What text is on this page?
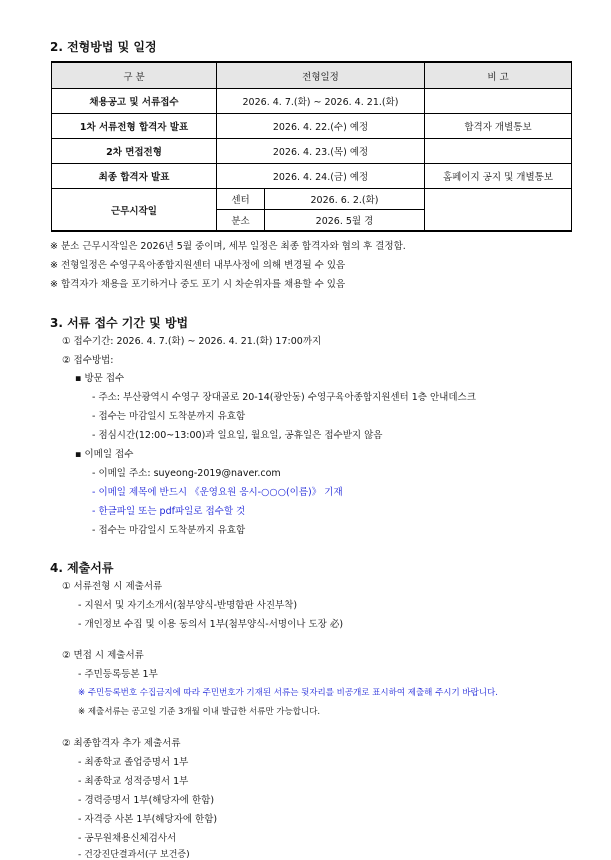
2. 전형방법 및 일정
구 분	전형일정		비 고
채용공고 및 서류접수	2026. 4. 7.(화) ~ 2026. 4. 21.(화)		
1차 서류전형 합격자 발표	2026. 4. 22.(수) 예정		합격자 개별통보
2차 면접전형	2026. 4. 23.(목) 예정		
최종 합격자 발표	2026. 4. 24.(금) 예정		홈페이지 공지 및 개별통보
근무시작일	센터	2026. 6. 2.(화)	
	분소	2026. 5월 경	
※ 분소 근무시작일은 2026년 5월 중이며, 세부 일정은 최종 합격자와 협의 후 결정함.
※ 전형일정은 수영구육아종합지원센터 내부사정에 의해 변경될 수 있음
※ 합격자가 채용을 포기하거나 중도 포기 시 차순위자를 채용할 수 있음
3. 서류 접수 기간 및 방법
① 접수기간: 2026. 4. 7.(화) ~ 2026. 4. 21.(화) 17:00까지
② 접수방법:
▪ 방문 접수
- 주소: 부산광역시 수영구 장대골로 20-14(광안동) 수영구육아종합지원센터 1층 안내데스크
- 접수는 마감일시 도착분까지 유효함
- 점심시간(12:00~13:00)과 일요일, 월요일, 공휴일은 접수받지 않음
▪ 이메일 접수
- 이메일 주소: suyeong-2019@naver.com
- 이메일 제목에 반드시 《운영요원 응시-○○○(이름)》 기재
- 한글파일 또는 pdf파일로 접수할 것
- 접수는 마감일시 도착분까지 유효함
4. 제출서류
① 서류전형 시 제출서류
- 지원서 및 자기소개서(첨부양식-반명함판 사진부착)
- 개인정보 수집 및 이용 동의서 1부(첨부양식-서명이나 도장 必)
② 면접 시 제출서류
- 주민등록등본 1부
※ 주민등록번호 수집금지에 따라 주민번호가 기재된 서류는 뒷자리를 비공개로 표시하여 제출해 주시기 바랍니다.
※ 제출서류는 공고일 기준 3개월 이내 발급한 서류만 가능합니다.
② 최종합격자 추가 제출서류
- 최종학교 졸업증명서 1부
- 최종학교 성적증명서 1부
- 경력증명서 1부(해당자에 한함)
- 자격증 사본 1부(해당자에 한함)
- 공무원채용신체검사서
- 건강진단결과서(구 보건증)
